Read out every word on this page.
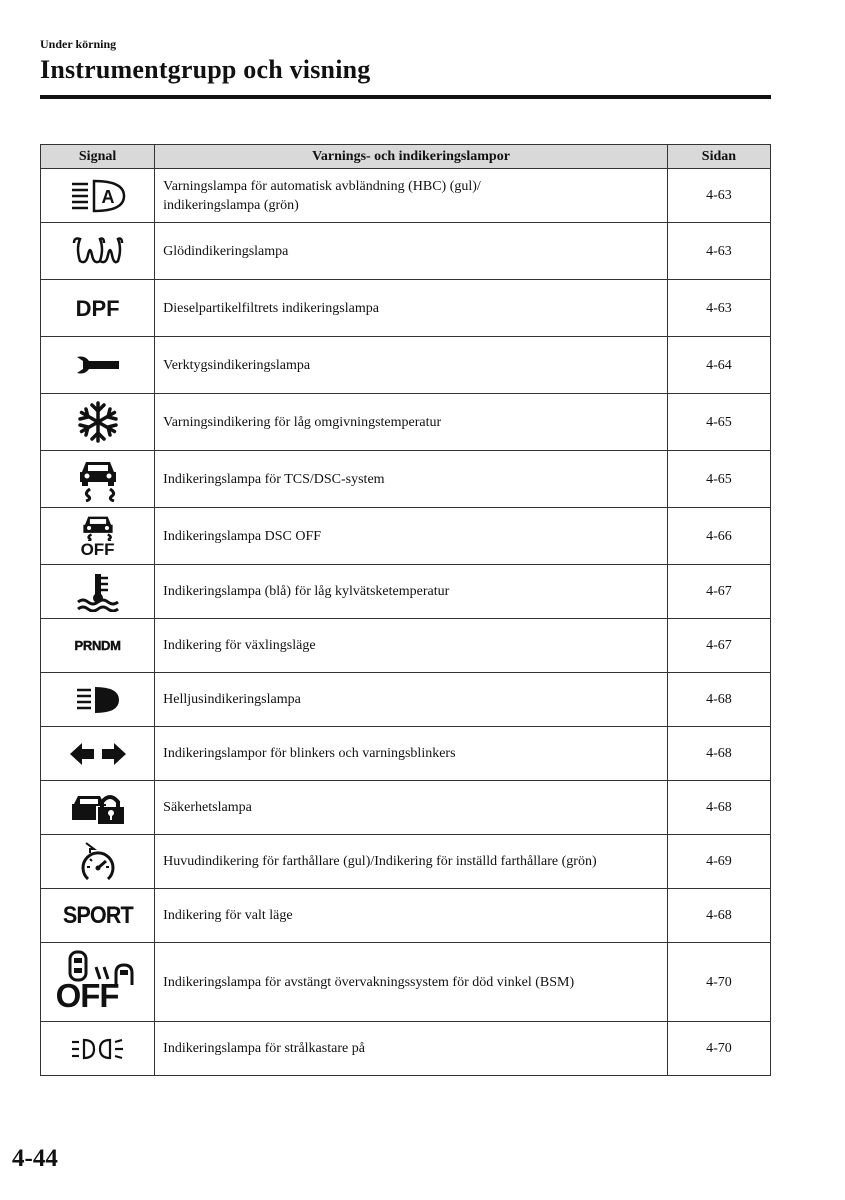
Under körning
Instrumentgrupp och visning
Signal	Varnings- och indikeringslampor	Sidan

A	Varningslampa för automatisk avbländning (HBC) (gul)/
indikeringslampa (grön)	4-63
	Glödindikeringslampa	4-63
DPF	Dieselpartikelfiltrets indikeringslampa	4-63
	Verktygsindikeringslampa	4-64
	Varningsindikering för låg omgivningstemperatur	4-65
	Indikeringslampa för TCS/DSC-system	4-65

OFF	Indikeringslampa DSC OFF	4-66
	Indikeringslampa (blå) för låg kylvätsketemperatur	4-67
PRNDM	Indikering för växlingsläge	4-67
	Helljusindikeringslampa	4-68
	Indikeringslampor för blinkers och varningsblinkers	4-68
	Säkerhetslampa	4-68
	Huvudindikering för farthållare (gul)/Indikering för inställd farthållare (grön)	4-69
SPORT	Indikering för valt läge	4-68

OFF	Indikeringslampa för avstängt övervakningssystem för död vinkel (BSM)	4-70
	Indikeringslampa för strålkastare på	4-70
4-44
